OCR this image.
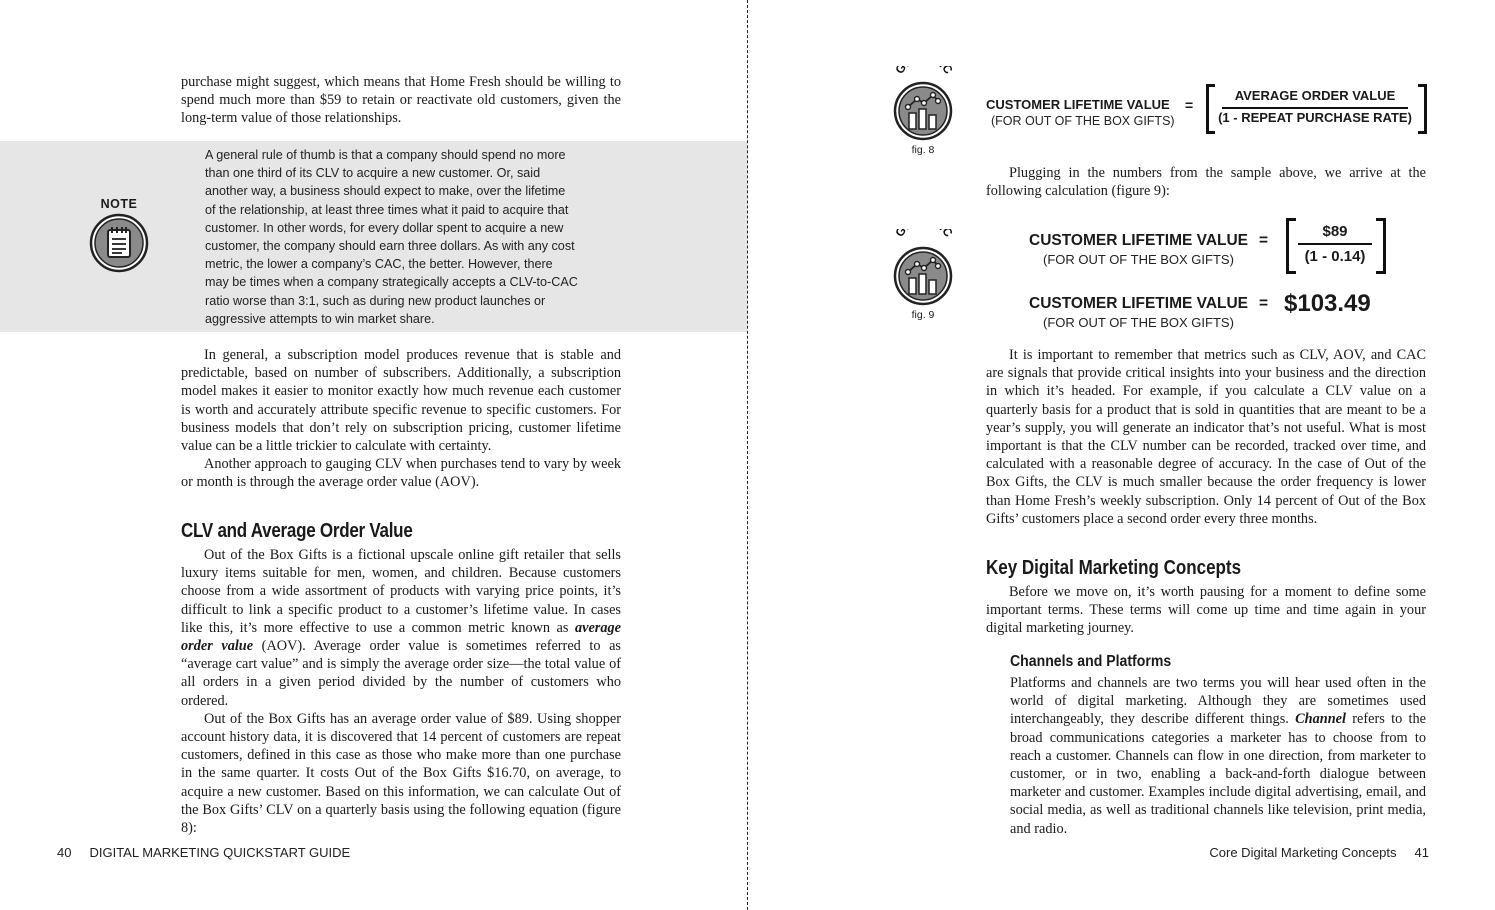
purchase might suggest, which means that Home Fresh should be willing to spend much more than $59 to retain or reactivate old customers, given the long-term value of those relationships.

NOTE
A general rule of thumb is that a company should spend no more
than one third of its CLV to acquire a new customer. Or, said
another way, a business should expect to make, over the lifetime
of the relationship, at least three times what it paid to acquire that
customer. In other words, for every dollar spent to acquire a new
customer, the company should earn three dollars. As with any cost
metric, the lower a company’s CAC, the better. However, there
may be times when a company strategically accepts a CLV-to-CAC
ratio worse than 3:1, such as during new product launches or
aggressive attempts to win market share.

In general, a subscription model produces revenue that is stable and predictable, based on number of subscribers. Additionally, a subscription model makes it easier to monitor exactly how much revenue each customer is worth and accurately attribute specific revenue to specific customers. For business models that don’t rely on subscription pricing, customer lifetime value can be a little trickier to calculate with certainty.

Another approach to gauging CLV when purchases tend to vary by week or month is through the average order value (AOV).

CLV and Average Order Value

Out of the Box Gifts is a fictional upscale online gift retailer that sells luxury items suitable for men, women, and children. Because customers choose from a wide assortment of products with varying price points, it’s difficult to link a specific product to a customer’s lifetime value. In cases like this, it’s more effective to use a common metric known as average order value (AOV). Average order value is sometimes referred to as “average cart value” and is simply the average order size—the total value of all orders in a given period divided by the number of customers who ordered.

Out of the Box Gifts has an average order value of $89. Using shopper account history data, it is discovered that 14 percent of customers are repeat customers, defined in this case as those who make more than one purchase in the same quarter. It costs Out of the Box Gifts $16.70, on average, to acquire a new customer. Based on this information, we can calculate Out of the Box Gifts’ CLV on a quarterly basis using the following equation (figure 8):

40 DIGITAL MARKETING QUICKSTART GUIDE
G C
fig. 8
CUSTOMER LIFETIME VALUE
(FOR OUT OF THE BOX GIFTS)
=
AVERAGE ORDER VALUE
(1 - REPEAT PURCHASE RATE)

Plugging in the numbers from the sample above, we arrive at the following calculation (figure 9):

G C
fig. 9
CUSTOMER LIFETIME VALUE
(FOR OUT OF THE BOX GIFTS)
=
$89
(1 - 0.14)
CUSTOMER LIFETIME VALUE
(FOR OUT OF THE BOX GIFTS)
= $103.49

It is important to remember that metrics such as CLV, AOV, and CAC are signals that provide critical insights into your business and the direction in which it’s headed. For example, if you calculate a CLV value on a quarterly basis for a product that is sold in quantities that are meant to be a year’s supply, you will generate an indicator that’s not useful. What is most important is that the CLV number can be recorded, tracked over time, and calculated with a reasonable degree of accuracy. In the case of Out of the Box Gifts, the CLV is much smaller because the order frequency is lower than Home Fresh’s weekly subscription. Only 14 percent of Out of the Box Gifts’ customers place a second order every three months.

Key Digital Marketing Concepts

Before we move on, it’s worth pausing for a moment to define some important terms. These terms will come up time and time again in your digital marketing journey.

Channels and Platforms

Platforms and channels are two terms you will hear used often in the world of digital marketing. Although they are sometimes used interchangeably, they describe different things. Channel refers to the broad communications categories a marketer has to choose from to reach a customer. Channels can flow in one direction, from marketer to customer, or in two, enabling a back-and-forth dialogue between marketer and customer. Examples include digital advertising, email, and social media, as well as traditional channels like television, print media, and radio.

Core Digital Marketing Concepts 41
